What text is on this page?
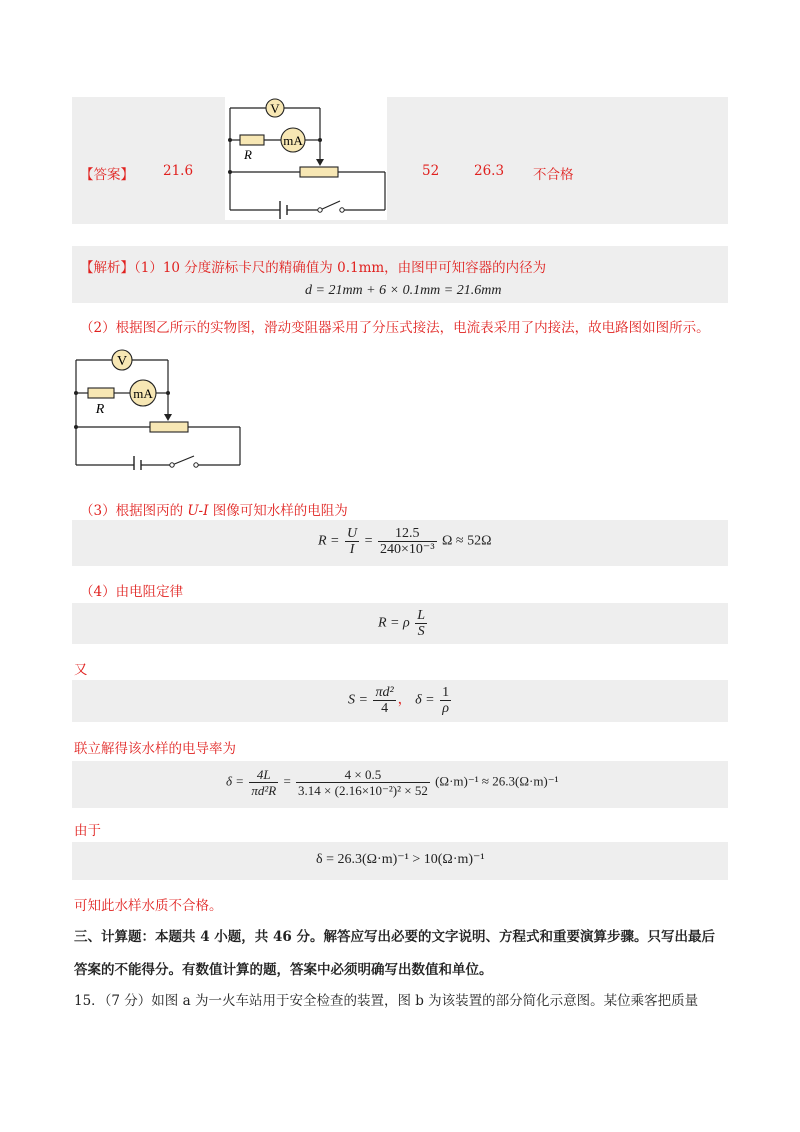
【答案】 21.6	52	26.3 不合格
V
mA
R
【解析】（1）10 分度游标卡尺的精确值为 0.1mm，由图甲可知容器的内径为
d = 21mm + 6 × 0.1mm = 21.6mm
（2）根据图乙所示的实物图，滑动变阻器采用了分压式接法，电流表采用了内接法，故电路图如图所示。
V
mA
R
（3）根据图丙的 U-I 图像可知水样的电阻为
$R = \frac{U}{I} = \frac{12.5}{\text{240×10⁻³}}$ Ω ≈ 52Ω
（4）由电阻定律
R = ρ $\frac{L}{S}$
又
$S = \frac{\text{πd²}}{4}$ ， $\delta = \frac{1}{\rho}$
联立解得该水样的电导率为
$\delta = \frac{4L}{\text{πd²R}} = \frac{4 \times 0.5}{\text{3.14 × (2.16×10⁻²)² × 52}} (\Omega\cdot m)^{-1} \approx 26.3(\Omega\cdot m)^{-1}$
由于
δ = 26.3(Ω·m)⁻¹ > 10(Ω·m)⁻¹
可知此水样水质不合格。
三、计算题：本题共 4 小题，共 46 分。解答应写出必要的文字说明、方程式和重要演算步骤。只写出最后
答案的不能得分。有数值计算的题，答案中必须明确写出数值和单位。
15．（7 分）如图 a 为一火车站用于安全检查的装置，图 b 为该装置的部分简化示意图。某位乘客把质量
